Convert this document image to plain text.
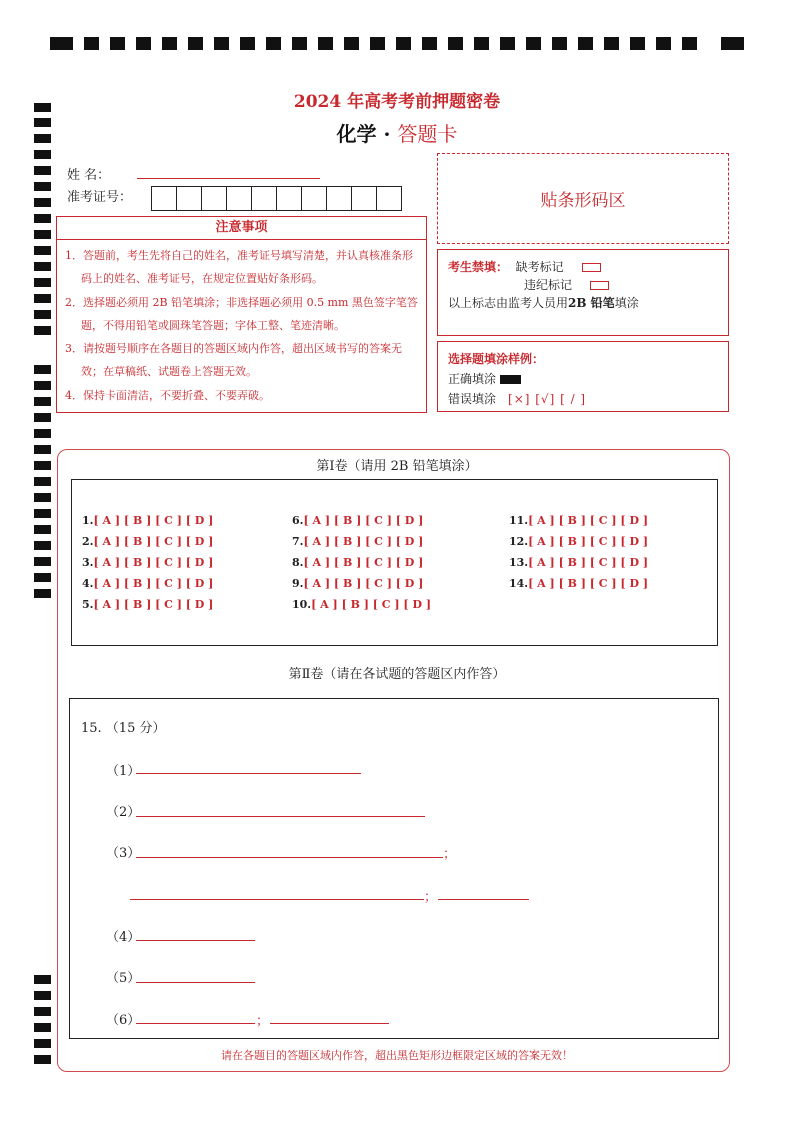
2024 年高考考前押题密卷
化学 · 答题卡
姓 名：
准考证号：	贴条形码区
注意事项
1．答题前，考生先将自己的姓名，准考证号填写清楚，并认真核准条形码上的姓名、准考证号，在规定位置贴好条形码。
2．选择题必须用 2B 铅笔填涂；非选择题必须用 0.5 mm 黑色签字笔答题，不得用铅笔或圆珠笔答题；字体工整、笔迹清晰。
3．请按题号顺序在各题目的答题区域内作答，超出区域书写的答案无效；在草稿纸、试题卷上答题无效。
4．保持卡面清洁，不要折叠、不要弄破。
考生禁填： 缺考标记
违纪标记
以上标志由监考人员用2B 铅笔填涂
选择题填涂样例：
正确填涂
错误填涂 [×] [√] [ / ]
第Ⅰ卷（请用 2B 铅笔填涂）
1.[ A ] [ B ] [ C ] [ D ]
2.[ A ] [ B ] [ C ] [ D ]
3.[ A ] [ B ] [ C ] [ D ]
4.[ A ] [ B ] [ C ] [ D ]
5.[ A ] [ B ] [ C ] [ D ]
6.[ A ] [ B ] [ C ] [ D ]
7.[ A ] [ B ] [ C ] [ D ]
8.[ A ] [ B ] [ C ] [ D ]
9.[ A ] [ B ] [ C ] [ D ]
10.[ A ] [ B ] [ C ] [ D ]
11.[ A ] [ B ] [ C ] [ D ]
12.[ A ] [ B ] [ C ] [ D ]
13.[ A ] [ B ] [ C ] [ D ]
14.[ A ] [ B ] [ C ] [ D ]
第Ⅱ卷（请在各试题的答题区内作答）
15. （15 分）
（1）
（2）
（3）	；
；
（4）
（5）
（6）	；
请在各题目的答题区域内作答，超出黑色矩形边框限定区域的答案无效！
